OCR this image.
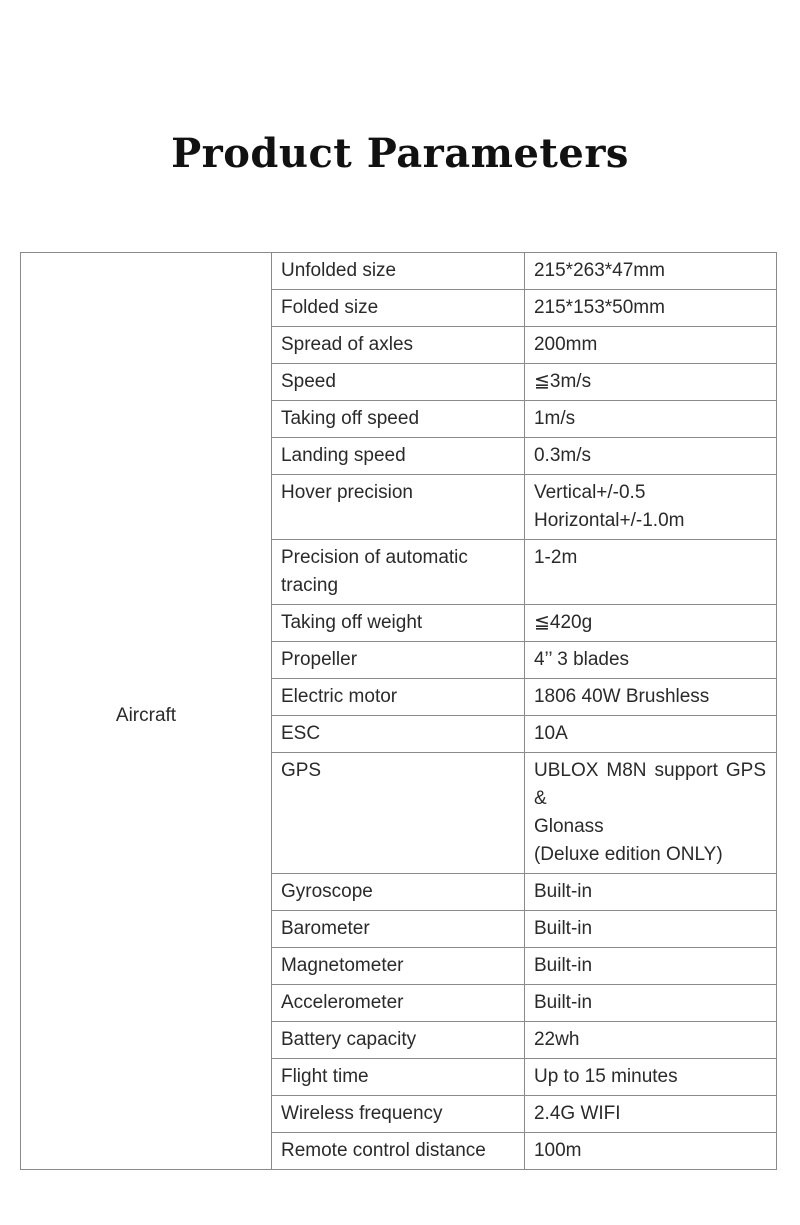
Product Parameters
Aircraft	Unfolded size	215*263*47mm

	Folded size	215*153*50mm

	Spread of axles	200mm

	Speed	≦3m/s

	Taking off speed	1m/s

	Landing speed	0.3m/s

	Hover precision	Vertical+/-0.5
Horizontal+/-1.0m

	Precision of automatic tracing	1-2m

	Taking off weight	≦420g

	Propeller	4’’ 3 blades

	Electric motor	1806 40W Brushless

	ESC	10A

	GPS	UBLOX M8N support GPS &
Glonass
(Deluxe edition ONLY)

	Gyroscope	Built-in

	Barometer	Built-in

	Magnetometer	Built-in

	Accelerometer	Built-in

	Battery capacity	22wh

	Flight time	Up to 15 minutes

	Wireless frequency	2.4G WIFI

	Remote control distance	100m
